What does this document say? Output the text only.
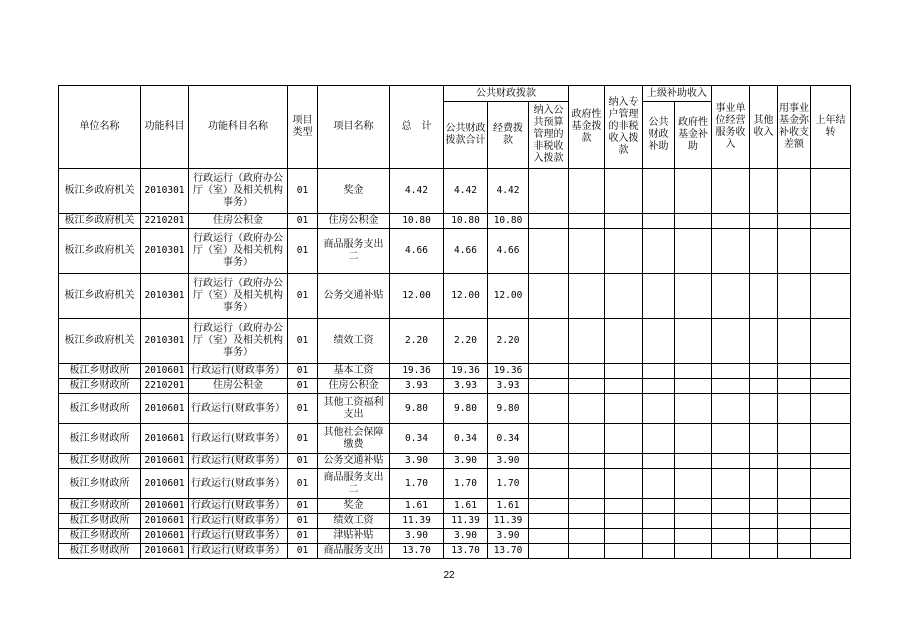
单位名称	功能科目	功能科目名称	项目类型	项目名称	总　计	公共财政拨款			政府性基金拨款	纳入专户管理的非税收入拨款	上级补助收入		事业单位经营服务收入	其他收入	用事业基金弥补收支差额	上年结转
						公共财政拨款合计	经费拨款	纳入公共预算管理的非税收入拨款			公共财政补助	政府性基金补助				

板江乡政府机关	2010301	行政运行（政府办公厅（室）及相关机构事务）	01	奖金	4.42	4.42	4.42									
板江乡政府机关	2210201	住房公积金	01	住房公积金	10.80	10.80	10.80									
板江乡政府机关	2010301	行政运行（政府办公厅（室）及相关机构事务）	01	商品服务支出二	4.66	4.66	4.66									
板江乡政府机关	2010301	行政运行（政府办公厅（室）及相关机构事务）	01	公务交通补贴	12.00	12.00	12.00									
板江乡政府机关	2010301	行政运行（政府办公厅（室）及相关机构事务）	01	绩效工资	2.20	2.20	2.20									
板江乡财政所	2010601	行政运行(财政事务）	01	基本工资	19.36	19.36	19.36									
板江乡财政所	2210201	住房公积金	01	住房公积金	3.93	3.93	3.93									
板江乡财政所	2010601	行政运行(财政事务）	01	其他工资福利支出	9.80	9.80	9.80									
板江乡财政所	2010601	行政运行(财政事务）	01	其他社会保障缴费	0.34	0.34	0.34									
板江乡财政所	2010601	行政运行(财政事务）	01	公务交通补贴	3.90	3.90	3.90									
板江乡财政所	2010601	行政运行(财政事务）	01	商品服务支出二	1.70	1.70	1.70									
板江乡财政所	2010601	行政运行(财政事务）	01	奖金	1.61	1.61	1.61									
板江乡财政所	2010601	行政运行(财政事务）	01	绩效工资	11.39	11.39	11.39									
板江乡财政所	2010601	行政运行(财政事务）	01	津贴补贴	3.90	3.90	3.90									
板江乡财政所	2010601	行政运行(财政事务）	01	商品服务支出	13.70	13.70	13.70									
22
